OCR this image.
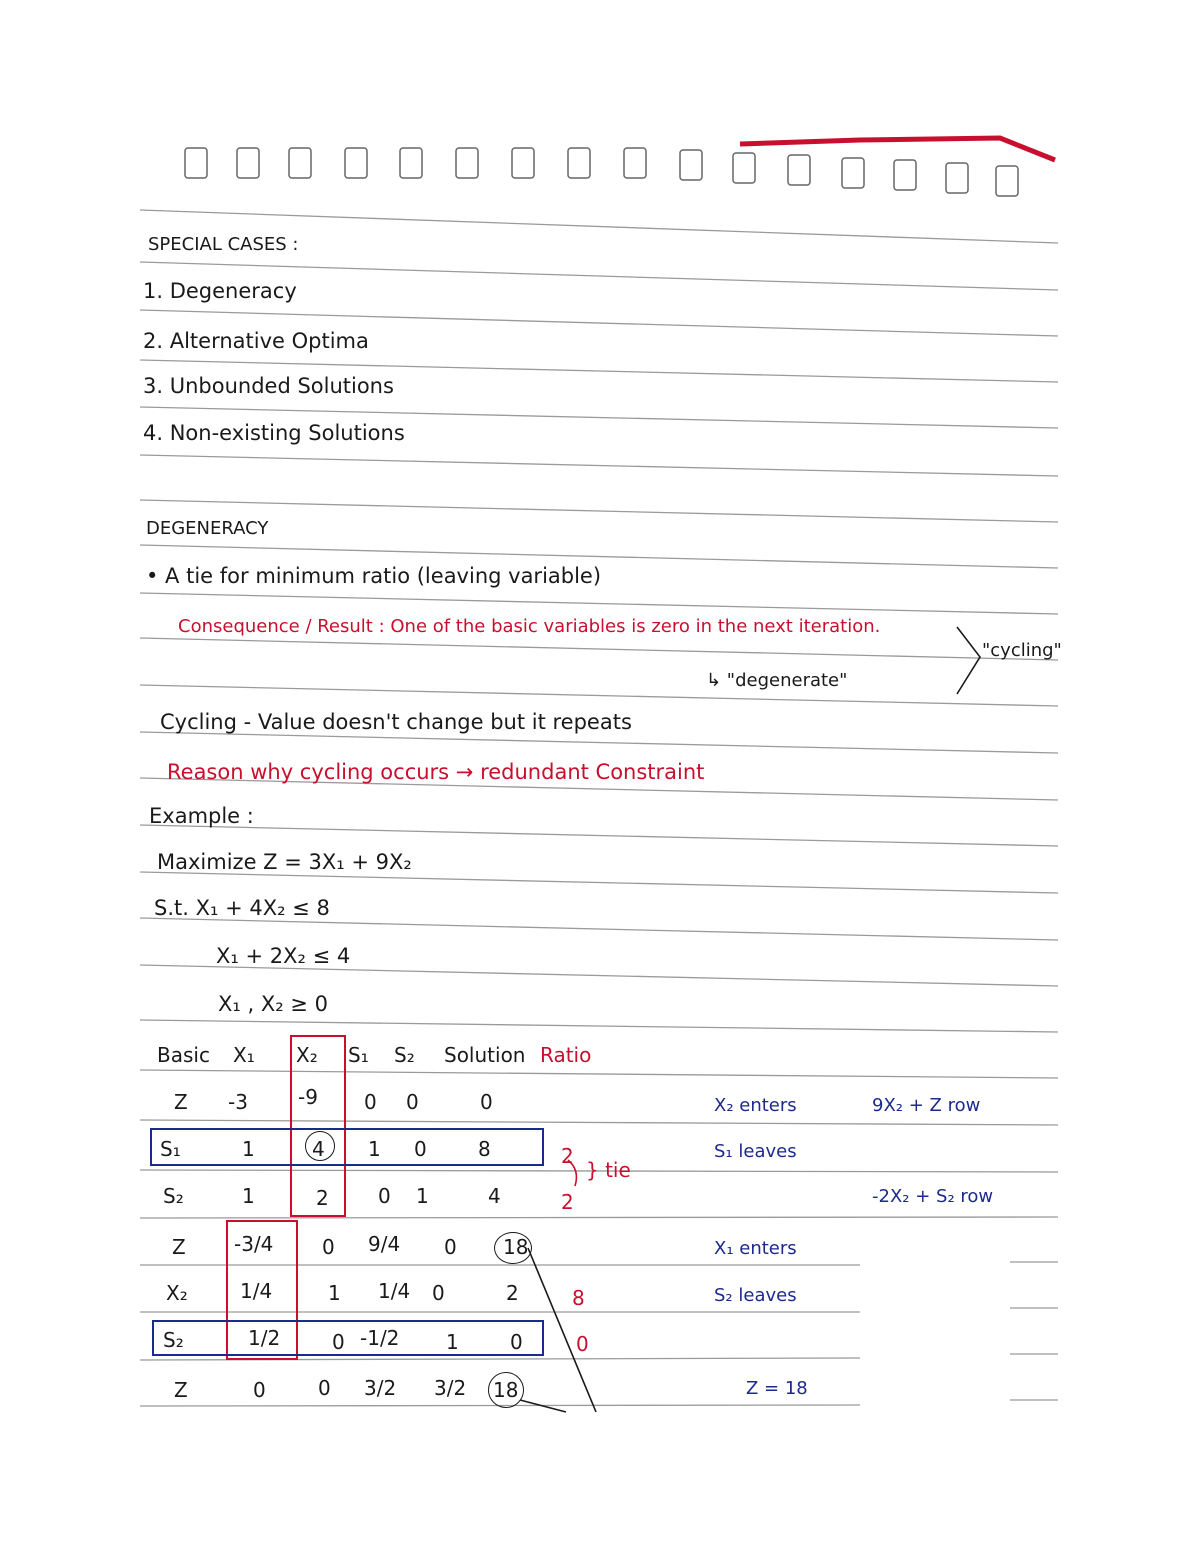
SPECIAL CASES :
1. Degeneracy
2. Alternative Optima
3. Unbounded Solutions
4. Non-existing Solutions
DEGENERACY
• A tie for minimum ratio (leaving variable)
Consequence / Result : One of the basic variables is zero in the next iteration.
"cycling"
↳ "degenerate"
Cycling - Value doesn't change but it repeats
Reason why cycling occurs → redundant Constraint
Example :
Maximize Z = 3X₁ + 9X₂
S.t. X₁ + 4X₂ ≤ 8
X₁ + 2X₂ ≤ 4
X₁ , X₂ ≥ 0
Basic X₁ X₂ S₁ S₂ Solution Ratio
Z -3	-9 0 0	0
S₁	1	4 1 0	8	2
S₂	1	2 0 1	4	2
} tie
Z -3/4 0 9/4 0 18
X₂	1/4	1 1/4 0	2	8
S₂	1/2	0 -1/2 1	0	0
Z	0	0 3/2 3/2 18
X₂ enters
S₁ leaves
9X₂ + Z row
-2X₂ + S₂ row
X₁ enters
S₂ leaves
Z = 18
